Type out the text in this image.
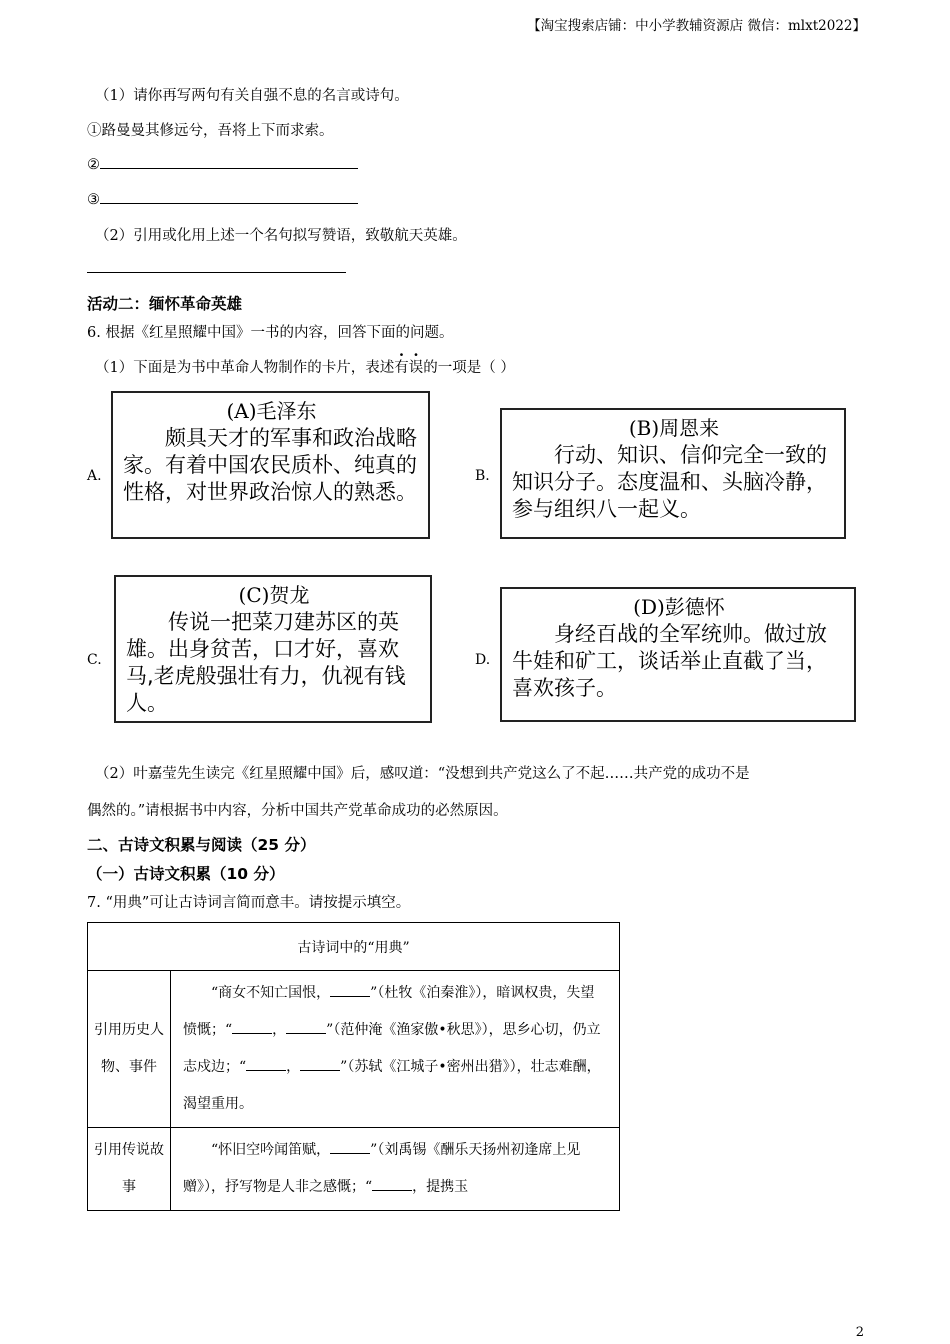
【淘宝搜索店铺：中小学教辅资源店 微信：mlxt2022】
（1）请你再写两句有关自强不息的名言或诗句。
①路曼曼其修远兮，吾将上下而求索。
②
③
（2）引用或化用上述一个名句拟写赞语，致敬航天英雄。
活动二：缅怀革命英雄
6. 根据《红星照耀中国》一书的内容，回答下面的问题。
（1）下面是为书中革命人物制作的卡片，表述有误的一项是（ ）
A.
(A)毛泽东
颇具天才的军事和政治战略家。有着中国农民质朴、纯真的性格，对世界政治惊人的熟悉。
B.
(B)周恩来
行动、知识、信仰完全一致的知识分子。态度温和、头脑冷静，参与组织八一起义。
C.
(C)贺龙
传说一把菜刀建苏区的英雄。出身贫苦，口才好，喜欢马,老虎般强壮有力，仇视有钱人。
D.
(D)彭德怀
身经百战的全军统帅。做过放牛娃和矿工，谈话举止直截了当，喜欢孩子。
（2）叶嘉莹先生读完《红星照耀中国》后，感叹道：“没想到共产党这么了不起……共产党的成功不是
偶然的。”请根据书中内容，分析中国共产党革命成功的必然原因。
二、古诗文积累与阅读（25 分）
（一）古诗文积累（10 分）
7. “用典”可让古诗词言简而意丰。请按提示填空。
古诗词中的“用典”	
引用历史人物、事件	“商女不知亡国恨， ”（杜牧《泊秦淮》），暗讽权贵，失望愤慨；“ ， ”（范仲淹《渔家傲•秋思》），思乡心切，仍立志戍边；“ ， ”（苏轼《江城子•密州出猎》），壮志难酬，渴望重用。
引用传说故事	“怀旧空吟闻笛赋， ”（刘禹锡《酬乐天扬州初逢席上见赠》），抒写物是人非之感慨；“ ，提携玉
2
